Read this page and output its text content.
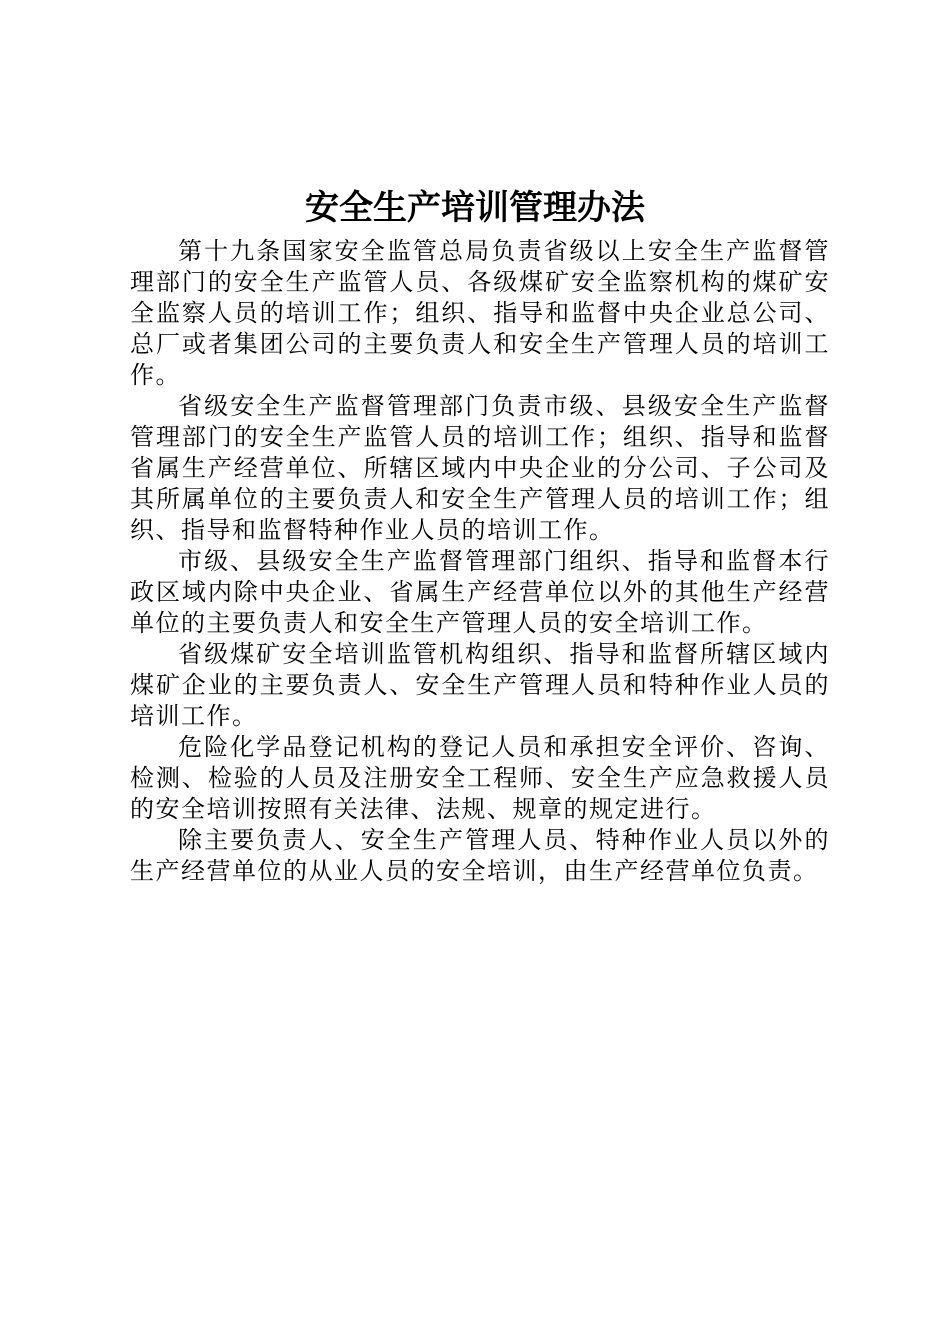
安全生产培训管理办法

第十九条国家安全监管总局负责省级以上安全生产监督管理部门的安全生产监管人员、各级煤矿安全监察机构的煤矿安全监察人员的培训工作；组织、指导和监督中央企业总公司、总厂或者集团公司的主要负责人和安全生产管理人员的培训工作。

省级安全生产监督管理部门负责市级、县级安全生产监督管理部门的安全生产监管人员的培训工作；组织、指导和监督省属生产经营单位、所辖区域内中央企业的分公司、子公司及其所属单位的主要负责人和安全生产管理人员的培训工作；组织、指导和监督特种作业人员的培训工作。

市级、县级安全生产监督管理部门组织、指导和监督本行政区域内除中央企业、省属生产经营单位以外的其他生产经营单位的主要负责人和安全生产管理人员的安全培训工作。

省级煤矿安全培训监管机构组织、指导和监督所辖区域内煤矿企业的主要负责人、安全生产管理人员和特种作业人员的培训工作。

危险化学品登记机构的登记人员和承担安全评价、咨询、检测、检验的人员及注册安全工程师、安全生产应急救援人员的安全培训按照有关法律、法规、规章的规定进行。

除主要负责人、安全生产管理人员、特种作业人员以外的生产经营单位的从业人员的安全培训，由生产经营单位负责。
